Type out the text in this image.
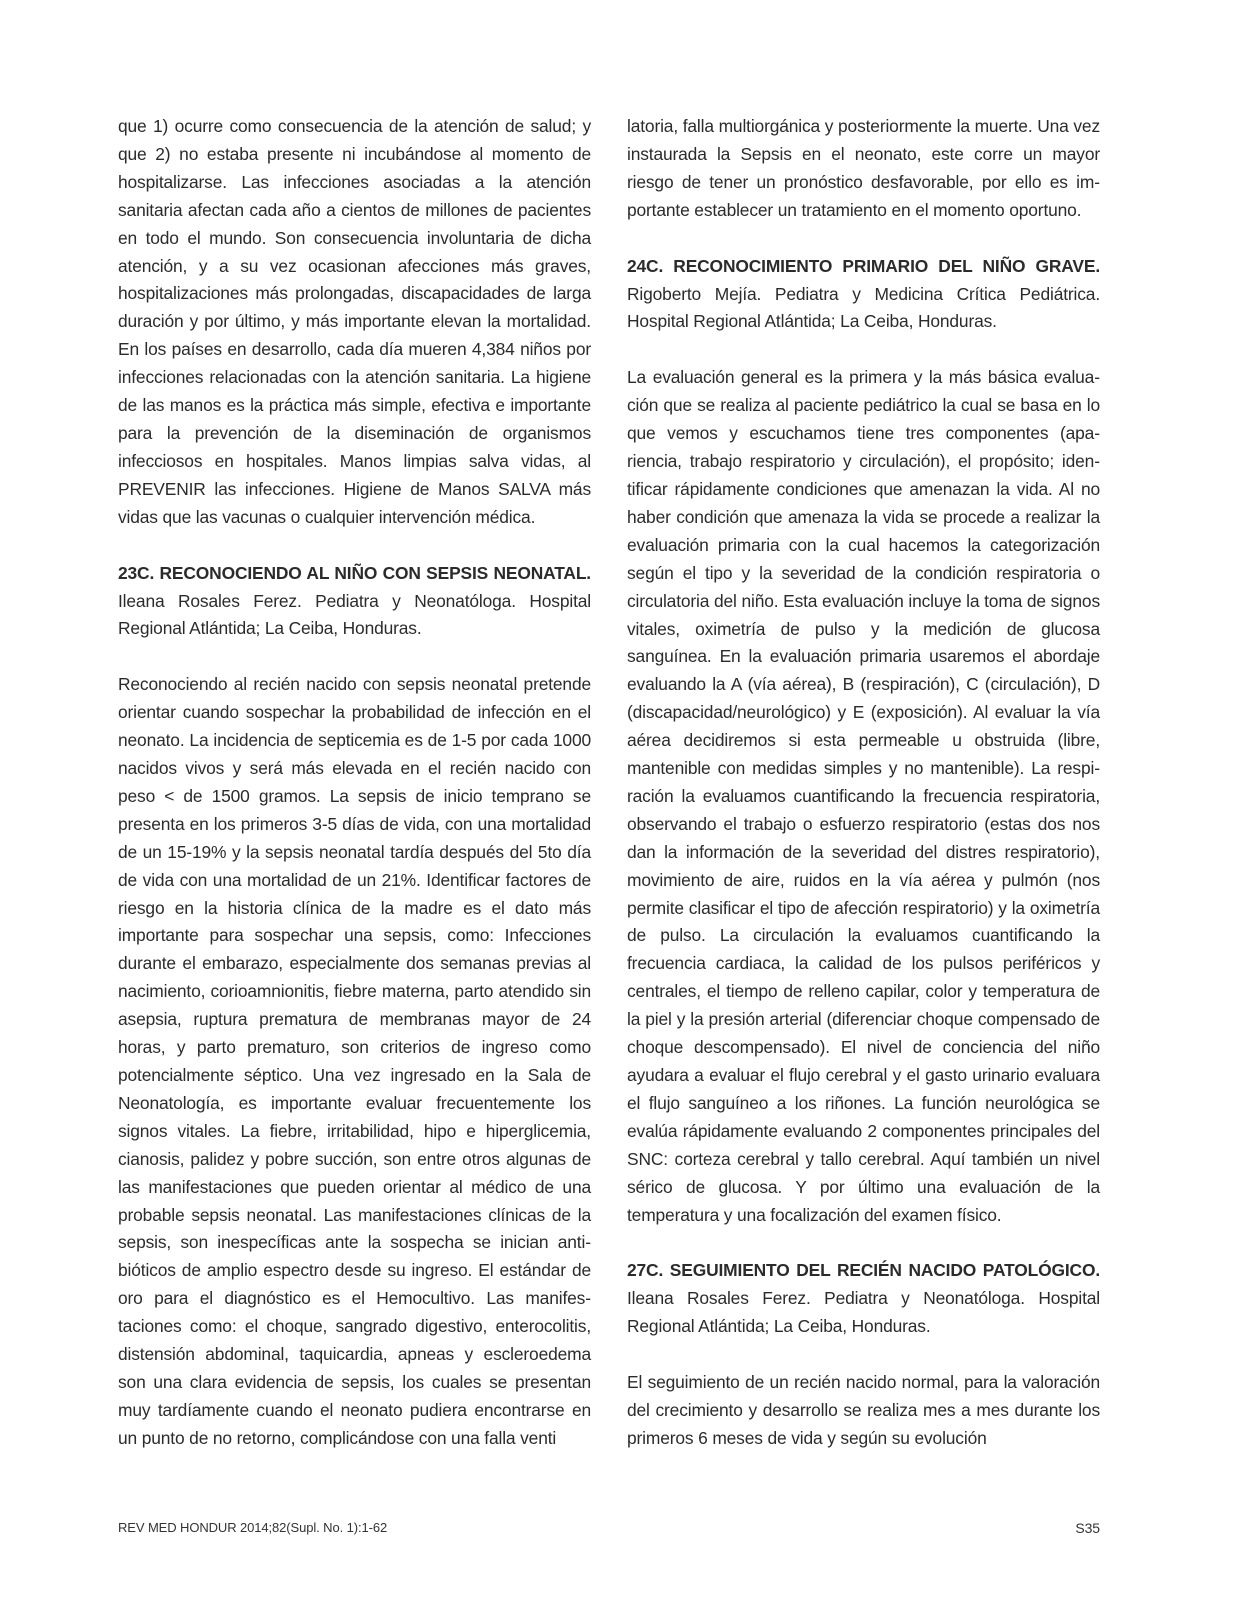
que 1) ocurre como consecuencia de la atención de salud; y que 2) no estaba presente ni incubándose al momento de hospitalizarse. Las infecciones asociadas a la atención sanitaria afectan cada año a cientos de millones de pacientes en todo el mundo. Son consecuencia involuntaria de dicha atención, y a su vez ocasionan afecciones más graves, hospitalizaciones más prolongadas, discapacidades de larga duración y por último, y más importante elevan la mortalidad. En los países en desarrollo, cada día mueren 4,384 niños por infecciones relacionadas con la atención sanitaria. La higiene de las manos es la práctica más simple, efectiva e importante para la prevención de la diseminación de organismos infecciosos en hospitales. Manos limpias salva vidas, al PREVENIR las infecciones. Higiene de Manos SALVA más vidas que las vacunas o cualquier intervención médica.

23C. RECONOCIENDO AL NIÑO CON SEPSIS NEONATAL. Ileana Rosales Ferez. Pediatra y Neonatóloga. Hospital Regional Atlántida; La Ceiba, Honduras.

Reconociendo al recién nacido con sepsis neonatal pretende orientar cuando sospechar la probabilidad de infección en el neonato. La incidencia de septicemia es de 1-5 por cada 1000 nacidos vivos y será más elevada en el recién nacido con peso < de 1500 gramos. La sepsis de inicio temprano se presenta en los primeros 3-5 días de vida, con una mortalidad de un 15-19% y la sepsis neonatal tardía después del 5to día de vida con una mortalidad de un 21%. Identificar factores de riesgo en la historia clínica de la madre es el dato más importante para sospechar una sepsis, como: Infecciones durante el embarazo, especialmente dos semanas previas al nacimiento, corioamnionitis, fiebre materna, parto atendido sin asepsia, ruptura prematura de membranas mayor de 24 horas, y parto prematuro, son criterios de ingreso como potencialmente séptico. Una vez ingresado en la Sala de Neonatología, es importante evaluar frecuentemente los signos vitales. La fiebre, irritabilidad, hipo e hiperglicemia, cianosis, palidez y pobre succión, son entre otros algunas de las manifestaciones que pueden orientar al médico de una probable sepsis neonatal. Las manifestaciones clínicas de la sepsis, son inespecíficas ante la sospecha se inician antibióticos de amplio espectro desde su ingreso. El estándar de oro para el diagnóstico es el Hemocultivo. Las manifestaciones como: el choque, sangrado digestivo, enterocolitis, distensión abdominal, taquicardia, apneas y escleroedema son una clara evidencia de sepsis, los cuales se presentan muy tardíamente cuando el neonato pudiera encontrarse en un punto de no retorno, complicándose con una falla venti

latoria, falla multiorgánica y posteriormente la muerte. Una vez instaurada la Sepsis en el neonato, este corre un mayor riesgo de tener un pronóstico desfavorable, por ello es importante establecer un tratamiento en el momento oportuno.

24C. RECONOCIMIENTO PRIMARIO DEL NIÑO GRAVE. Rigoberto Mejía. Pediatra y Medicina Crítica Pediátrica. Hospital Regional Atlántida; La Ceiba, Honduras.

La evaluación general es la primera y la más básica evaluación que se realiza al paciente pediátrico la cual se basa en lo que vemos y escuchamos tiene tres componentes (apariencia, trabajo respiratorio y circulación), el propósito; identificar rápidamente condiciones que amenazan la vida. Al no haber condición que amenaza la vida se procede a realizar la evaluación primaria con la cual hacemos la categorización según el tipo y la severidad de la condición respiratoria o circulatoria del niño. Esta evaluación incluye la toma de signos vitales, oximetría de pulso y la medición de glucosa sanguínea. En la evaluación primaria usaremos el abordaje evaluando la A (vía aérea), B (respiración), C (circulación), D (discapacidad/neurológico) y E (exposición). Al evaluar la vía aérea decidiremos si esta permeable u obstruida (libre, mantenible con medidas simples y no mantenible). La respiración la evaluamos cuantificando la frecuencia respiratoria, observando el trabajo o esfuerzo respiratorio (estas dos nos dan la información de la severidad del distres respiratorio), movimiento de aire, ruidos en la vía aérea y pulmón (nos permite clasificar el tipo de afección respiratorio) y la oximetría de pulso. La circulación la evaluamos cuantificando la frecuencia cardiaca, la calidad de los pulsos periféricos y centrales, el tiempo de relleno capilar, color y temperatura de la piel y la presión arterial (diferenciar choque compensado de choque descompensado). El nivel de conciencia del niño ayudara a evaluar el flujo cerebral y el gasto urinario evaluara el flujo sanguíneo a los riñones. La función neurológica se evalúa rápidamente evaluando 2 componentes principales del SNC: corteza cerebral y tallo cerebral. Aquí también un nivel sérico de glucosa. Y por último una evaluación de la temperatura y una focalización del examen físico.

27C. SEGUIMIENTO DEL RECIÉN NACIDO PATOLÓGICO. Ileana Rosales Ferez. Pediatra y Neonatóloga. Hospital Regional Atlántida; La Ceiba, Honduras.

El seguimiento de un recién nacido normal, para la valoración del crecimiento y desarrollo se realiza mes a mes durante los primeros 6 meses de vida y según su evolución

REV MED HONDUR 2014;82(Supl. No. 1):1-62	S35
